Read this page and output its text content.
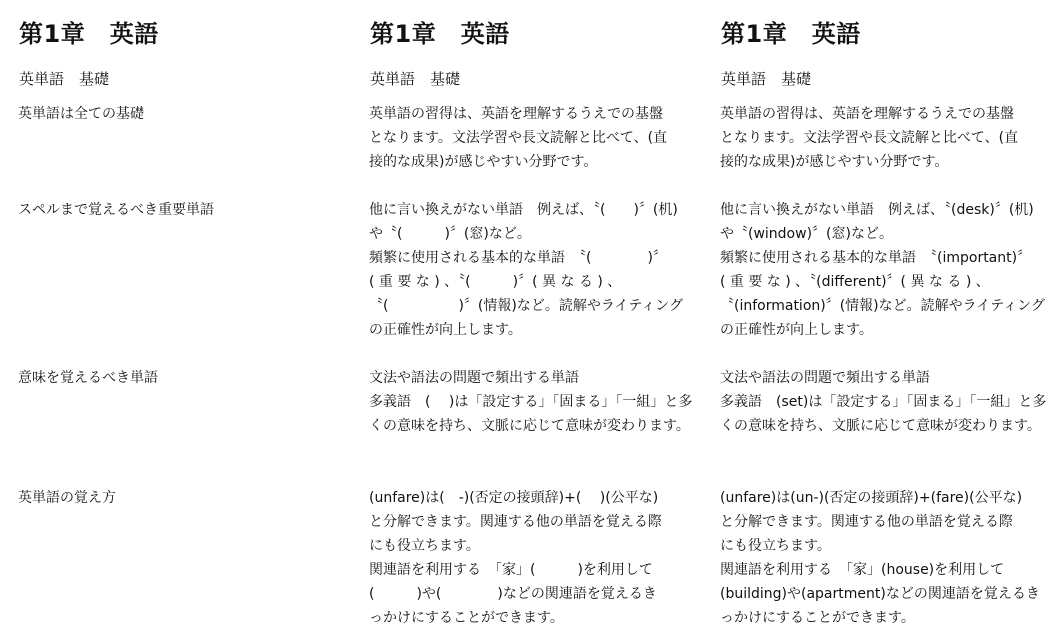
第1章　英語
英単語　基礎
英単語は全ての基礎
スペルまで覚えるべき重要単語
意味を覚えるべき単語
英単語の覚え方
第1章　英語
英単語　基礎
英単語の習得は、英語を理解するうえでの基盤
となります。文法学習や長文読解と比べて、(直
接的な成果)が感じやすい分野です。
他に言い換えがない単語　例えば、〝(　　)〞(机)
や〝(　　　)〞(窓)など。
頻繁に使用される基本的な単語　〝(　　　　)〞
( 重 要 な ) 、〝(　　　)〞( 異 な る ) 、
〝(　　　　　)〞(情報)など。読解やライティング
の正確性が向上します。
文法や語法の問題で頻出する単語
多義語　(　 )は「設定する」「固まる」「一組」と多
くの意味を持ち、文脈に応じて意味が変わります。
(unfare)は(　-)(否定の接頭辞)+(　 )(公平な)
と分解できます。関連する他の単語を覚える際
にも役立ちます。
関連語を利用する　「家」(　　　)を利用して
(　　　)や(　　　　)などの関連語を覚えるき
っかけにすることができます。
第1章　英語
英単語　基礎
英単語の習得は、英語を理解するうえでの基盤
となります。文法学習や長文読解と比べて、(直
接的な成果)が感じやすい分野です。
他に言い換えがない単語　例えば、〝(desk)〞(机)
や〝(window)〞(窓)など。
頻繁に使用される基本的な単語　〝(important)〞
( 重 要 な ) 、〝(different)〞( 異 な る ) 、
〝(information)〞(情報)など。読解やライティング
の正確性が向上します。
文法や語法の問題で頻出する単語
多義語　(set)は「設定する」「固まる」「一組」と多
くの意味を持ち、文脈に応じて意味が変わります。
(unfare)は(un-)(否定の接頭辞)+(fare)(公平な)
と分解できます。関連する他の単語を覚える際
にも役立ちます。
関連語を利用する　「家」(house)を利用して
(building)や(apartment)などの関連語を覚えるき
っかけにすることができます。
